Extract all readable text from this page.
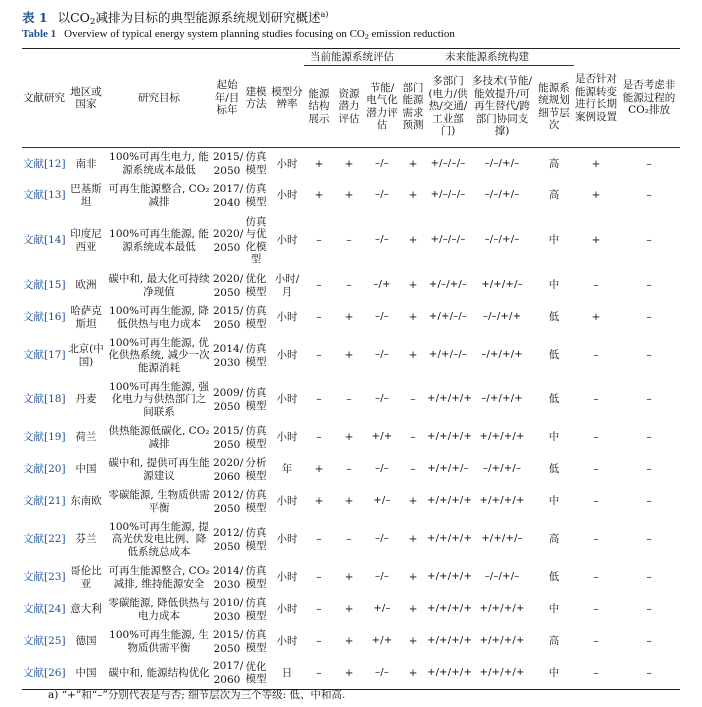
表 1 以$CO_2$减排为目标的典型能源系统规划研究概述$^{a)}$
Table 1 Overview of typical energy system planning studies focusing on $CO_2$ emission reduction
文献研究	地区或国家	研究目标	起始年/目标年	建模方法	模型分辨率	当前能源系统评估			未来能源系统构建				是否针对能源转变进行长期案例设置	是否考虑非能源过程的CO₂排放
						能源结构展示	资源潜力评估	节能/电气化潜力评估	部门能源需求预测	多部门(电力/供热/交通/工业部门)	多技术(节能/能效提升/可再生替代/跨部门协同支撑)	能源系统规划细节层次		
文献[12]	南非	100%可再生电力, 能源系统成本最低	2015/ 2050	仿真模型	小时	+	+	–/–	+	+/–/–/–	–/–/+/–	高	+	–
文献[13]	巴基斯坦	可再生能源整合, CO₂减排	2017/ 2040	仿真模型	小时	+	+	–/–	+	+/–/–/–	–/–/+/–	高	+	–
文献[14]	印度尼西亚	100%可再生能源, 能源系统成本最低	2020/ 2050	仿真与优化模型	小时	–	–	–/–	+	+/–/–/–	–/–/+/–	中	+	–
文献[15]	欧洲	碳中和, 最大化可持续净现值	2020/ 2050	优化模型	小时/月	–	–	–/+	+	+/–/+/–	+/+/+/–	中	–	–
文献[16]	哈萨克斯坦	100%可再生能源, 降低供热与电力成本	2015/ 2050	仿真模型	小时	–	+	–/–	+	+/+/–/–	–/–/+/+	低	+	–
文献[17]	北京(中国)	100%可再生能源, 优化供热系统, 减少一次能源消耗	2014/ 2030	仿真模型	小时	–	+	–/–	+	+/+/–/–	–/+/+/+	低	–	–
文献[18]	丹麦	100%可再生能源, 强化电力与供热部门之间联系	2009/ 2050	仿真模型	小时	–	–	–/–	–	+/+/+/+	–/+/+/+	低	–	–
文献[19]	荷兰	供热能源低碳化, CO₂减排	2015/ 2050	仿真模型	小时	–	+	+/+	–	+/+/+/+	+/+/+/+	中	–	–
文献[20]	中国	碳中和, 提供可再生能源建议	2020/ 2060	分析模型	年	+	–	–/–	–	+/+/+/–	–/+/+/–	低	–	–
文献[21]	东南欧	零碳能源, 生物质供需平衡	2012/ 2050	仿真模型	小时	+	+	+/–	+	+/+/+/+	+/+/+/+	中	–	–
文献[22]	芬兰	100%可再生能源, 提高光伏发电比例、降低系统总成本	2012/ 2050	仿真模型	小时	–	–	–/–	+	+/+/+/+	+/+/+/–	高	–	–
文献[23]	哥伦比亚	可再生能源整合, CO₂减排, 维持能源安全	2014/ 2030	仿真模型	小时	–	+	–/–	+	+/+/+/+	–/–/+/–	低	–	–
文献[24]	意大利	零碳能源, 降低供热与电力成本	2010/ 2030	仿真模型	小时	–	+	+/–	+	+/+/+/+	+/+/+/+	中	–	–
文献[25]	德国	100%可再生能源, 生物质供需平衡	2015/ 2050	仿真模型	小时	–	+	+/+	+	+/+/+/+	+/+/+/+	高	–	–
文献[26]	中国	碳中和, 能源结构优化	2017/ 2060	优化模型	日	–	+	–/–	+	+/+/+/+	+/+/+/+	中	–	–
a) “+”和“–”分别代表是与否; 细节层次为三个等级: 低、中和高.
